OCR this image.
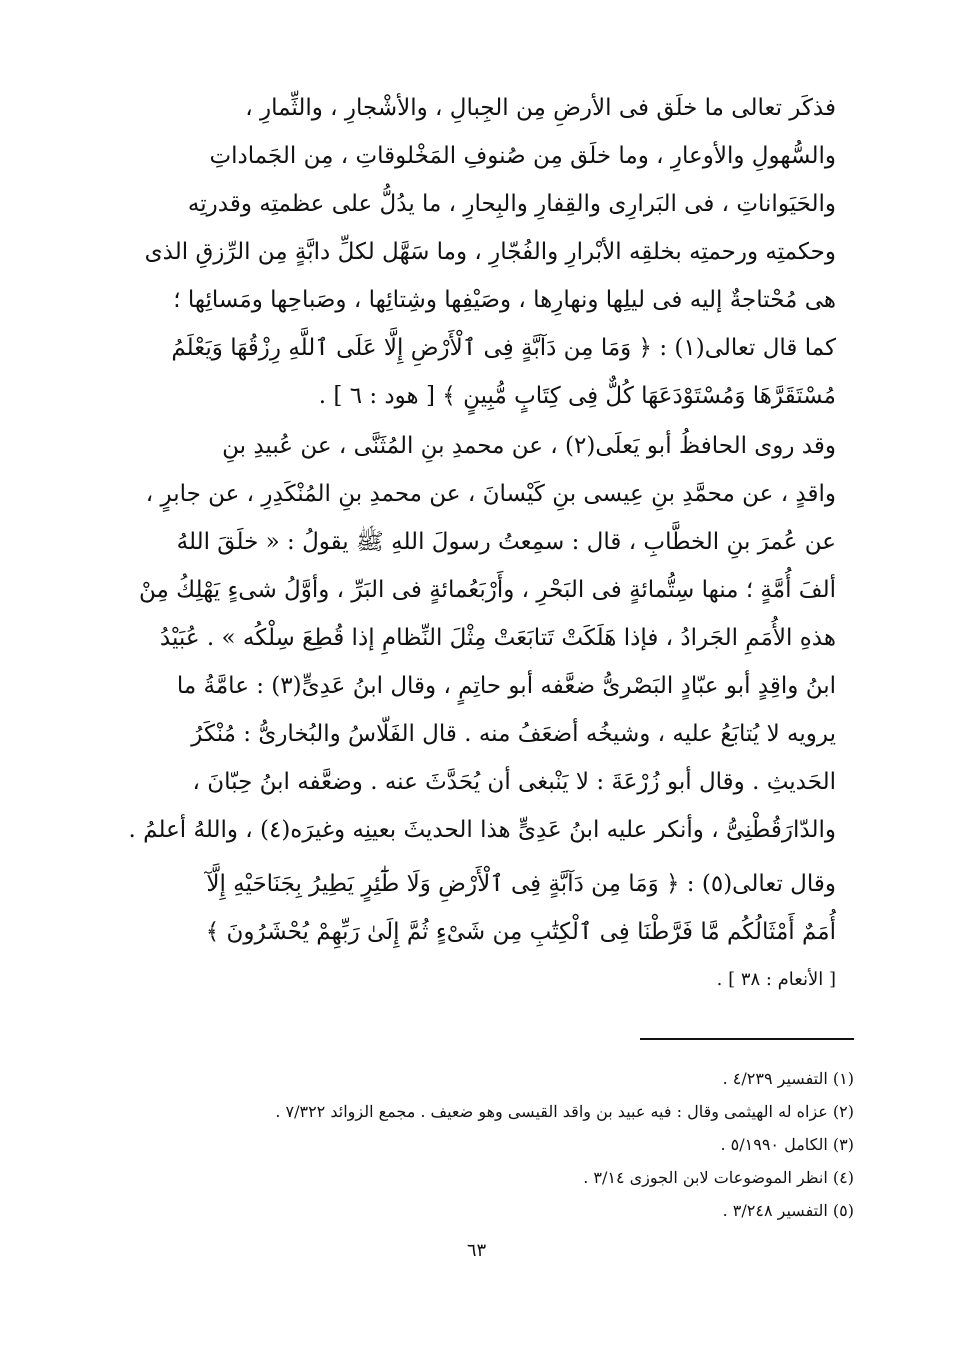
فذكَر تعالى ما خلَق فى الأرضِ مِن الجِبالِ ، والأشْجارِ ، والثِّمارِ ،
والسُّهولِ والأوعارِ ، وما خلَق مِن صُنوفِ المَخْلوقاتِ ، مِن الجَماداتِ
والحَيَواناتِ ، فى البَرارِى والقِفارِ والبِحارِ ، ما يدُلُّ على عظمتِه وقدرتِه
وحكمتِه ورحمتِه بخلقِه الأبْرارِ والفُجّارِ ، وما سَهَّل لكلِّ دابَّةٍ مِن الرِّزقِ الذى
هى مُحْتاجةٌ إليه فى ليلِها ونهارِها ، وصَيْفِها وشِتائِها ، وصَباحِها ومَسائِها ؛
كما قال تعالى(١) : ﴿ وَمَا مِن دَآبَّةٍ فِى ٱلْأَرْضِ إِلَّا عَلَى ٱللَّهِ رِزْقُهَا وَيَعْلَمُ
مُسْتَقَرَّهَا وَمُسْتَوْدَعَهَا كُلٌّ فِى كِتَابٍ مُّبِينٍ ﴾ [ هود : ٦ ] .
وقد روى الحافظُ أبو يَعلَى(٢) ، عن محمدِ بنِ المُثَنَّى ، عن عُبيدِ بنِ
واقدٍ ، عن محمَّدِ بنِ عِيسى بنِ كَيْسانَ ، عن محمدِ بنِ المُنْكَدِرِ ، عن جابرٍ ،
عن عُمرَ بنِ الخطَّابِ ، قال : سمِعتُ رسولَ اللهِ ﷺ يقولُ : « خلَقَ اللهُ
ألفَ أُمَّةٍ ؛ منها سِتُّمائةٍ فى البَحْرِ ، وأَرْبَعُمائةٍ فى البَرِّ ، وأوَّلُ شىءٍ يَهْلِكُ مِنْ
هذهِ الأُمَمِ الجَرادُ ، فإذا هَلَكَتْ تَتابَعَتْ مِثْلَ النِّظامِ إذا قُطِعَ سِلْكُه » . عُبَيْدُ
ابنُ واقِدٍ أبو عبّادٍ البَصْرىُّ ضعَّفه أبو حاتِمٍ ، وقال ابنُ عَدِىٍّ(٣) : عامَّةُ ما
يرويه لا يُتابَعُ عليه ، وشيخُه أضعَفُ منه . قال الفَلّاسُ والبُخارىُّ : مُنْكَرُ
الحَديثِ . وقال أبو زُرْعَةَ : لا يَنْبغى أن يُحَدَّثَ عنه . وضعَّفه ابنُ حِبّانَ ،
والدّارَقُطْنِىُّ ، وأنكر عليه ابنُ عَدِىٍّ هذا الحديثَ بعينِه وغيرَه(٤) ، واللهُ أعلمُ .
وقال تعالى(٥) : ﴿ وَمَا مِن دَآبَّةٍ فِى ٱلْأَرْضِ وَلَا طَٰٓئِرٍ يَطِيرُ بِجَنَاحَيْهِ إِلَّآ
أُمَمٌ أَمْثَالُكُم مَّا فَرَّطْنَا فِى ٱلْكِتَٰبِ مِن شَىْءٍ ثُمَّ إِلَىٰ رَبِّهِمْ يُحْشَرُونَ ﴾
[ الأنعام : ٣٨ ] .
(١) التفسير ٤/٢٣٩ .
(٢) عزاه له الهيثمى وقال : فيه عبيد بن واقد القيسى وهو ضعيف . مجمع الزوائد ٧/٣٢٢ .
(٣) الكامل ٥/١٩٩٠ .
(٤) انظر الموضوعات لابن الجوزى ٣/١٤ .
(٥) التفسير ٣/٢٤٨ .
٦٣
